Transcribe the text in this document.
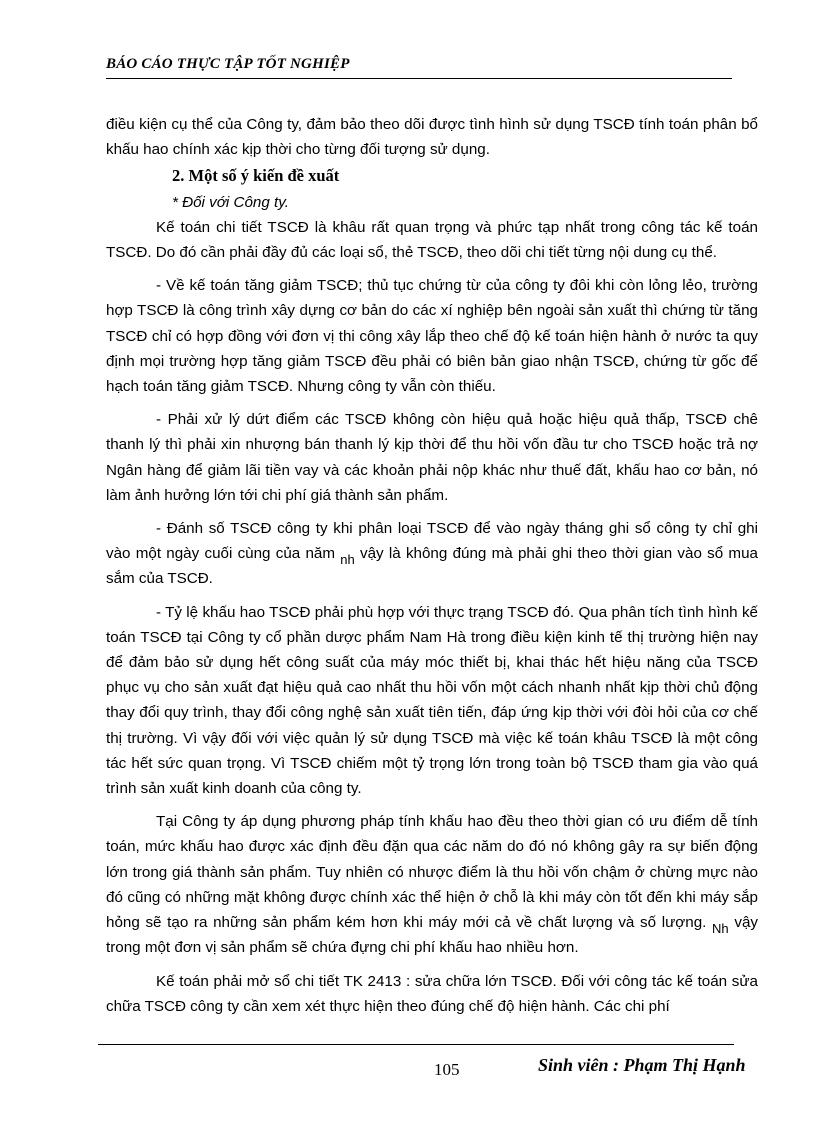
BÁO CÁO THỰC TẬP TỐT NGHIỆP

điều kiện cụ thể của Công ty, đảm bảo theo dõi được tình hình sử dụng TSCĐ tính toán phân bổ khấu hao chính xác kịp thời cho từng đối tượng sử dụng.

2. Một số ý kiến đề xuất

* Đối với Công ty.

Kế toán chi tiết TSCĐ là khâu rất quan trọng và phức tạp nhất trong công tác kế toán TSCĐ. Do đó cần phải đầy đủ các loại sổ, thẻ TSCĐ, theo dõi chi tiết từng nội dung cụ thể.

- Về kế toán tăng giảm TSCĐ; thủ tục chứng từ của công ty đôi khi còn lỏng lẻo, trường hợp TSCĐ là công trình xây dựng cơ bản do các xí nghiệp bên ngoài sản xuất thì chứng từ tăng TSCĐ chỉ có hợp đồng với đơn vị thi công xây lắp theo chế độ kế toán hiện hành ở nước ta quy định mọi trường hợp tăng giảm TSCĐ đều phải có biên bản giao nhận TSCĐ, chứng từ gốc để hạch toán tăng giảm TSCĐ. Nhưng công ty vẫn còn thiếu.

- Phải xử lý dứt điểm các TSCĐ không còn hiệu quả hoặc hiệu quả thấp, TSCĐ chê thanh lý thì phải xin nhượng bán thanh lý kịp thời để thu hồi vốn đầu tư cho TSCĐ hoặc trả nợ Ngân hàng để giảm lãi tiền vay và các khoản phải nộp khác như thuế đất, khấu hao cơ bản, nó làm ảnh hưởng lớn tới chi phí giá thành sản phẩm.

- Đánh số TSCĐ công ty khi phân loại TSCĐ để vào ngày tháng ghi sổ công ty chỉ ghi vào một ngày cuối cùng của năm nh vậy là không đúng mà phải ghi theo thời gian vào sổ mua sắm của TSCĐ.

- Tỷ lệ khấu hao TSCĐ phải phù hợp với thực trạng TSCĐ đó. Qua phân tích tình hình kế toán TSCĐ tại Công ty cổ phần dược phẩm Nam Hà trong điều kiện kinh tế thị trường hiện nay để đảm bảo sử dụng hết công suất của máy móc thiết bị, khai thác hết hiệu năng của TSCĐ phục vụ cho sản xuất đạt hiệu quả cao nhất thu hồi vốn một cách nhanh nhất kịp thời chủ động thay đổi quy trình, thay đổi công nghệ sản xuất tiên tiến, đáp ứng kịp thời với đòi hỏi của cơ chế thị trường. Vì vậy đối với việc quản lý sử dụng TSCĐ mà việc kế toán khâu TSCĐ là một công tác hết sức quan trọng. Vì TSCĐ chiếm một tỷ trọng lớn trong toàn bộ TSCĐ tham gia vào quá trình sản xuất kinh doanh của công ty.

Tại Công ty áp dụng phương pháp tính khấu hao đều theo thời gian có ưu điểm dễ tính toán, mức khấu hao được xác định đều đặn qua các năm do đó nó không gây ra sự biến động lớn trong giá thành sản phẩm. Tuy nhiên có nhược điểm là thu hồi vốn chậm ở chừng mực nào đó cũng có những mặt không được chính xác thể hiện ở chỗ là khi máy còn tốt đến khi máy sắp hỏng sẽ tạo ra những sản phẩm kém hơn khi máy mới cả về chất lượng và số lượng. Nh vậy trong một đơn vị sản phẩm sẽ chứa đựng chi phí khấu hao nhiều hơn.

Kế toán phải mở sổ chi tiết TK 2413 : sửa chữa lớn TSCĐ. Đối với công tác kế toán sửa chữa TSCĐ công ty cần xem xét thực hiện theo đúng chế độ hiện hành. Các chi phí

105	Sinh viên : Phạm Thị Hạnh
